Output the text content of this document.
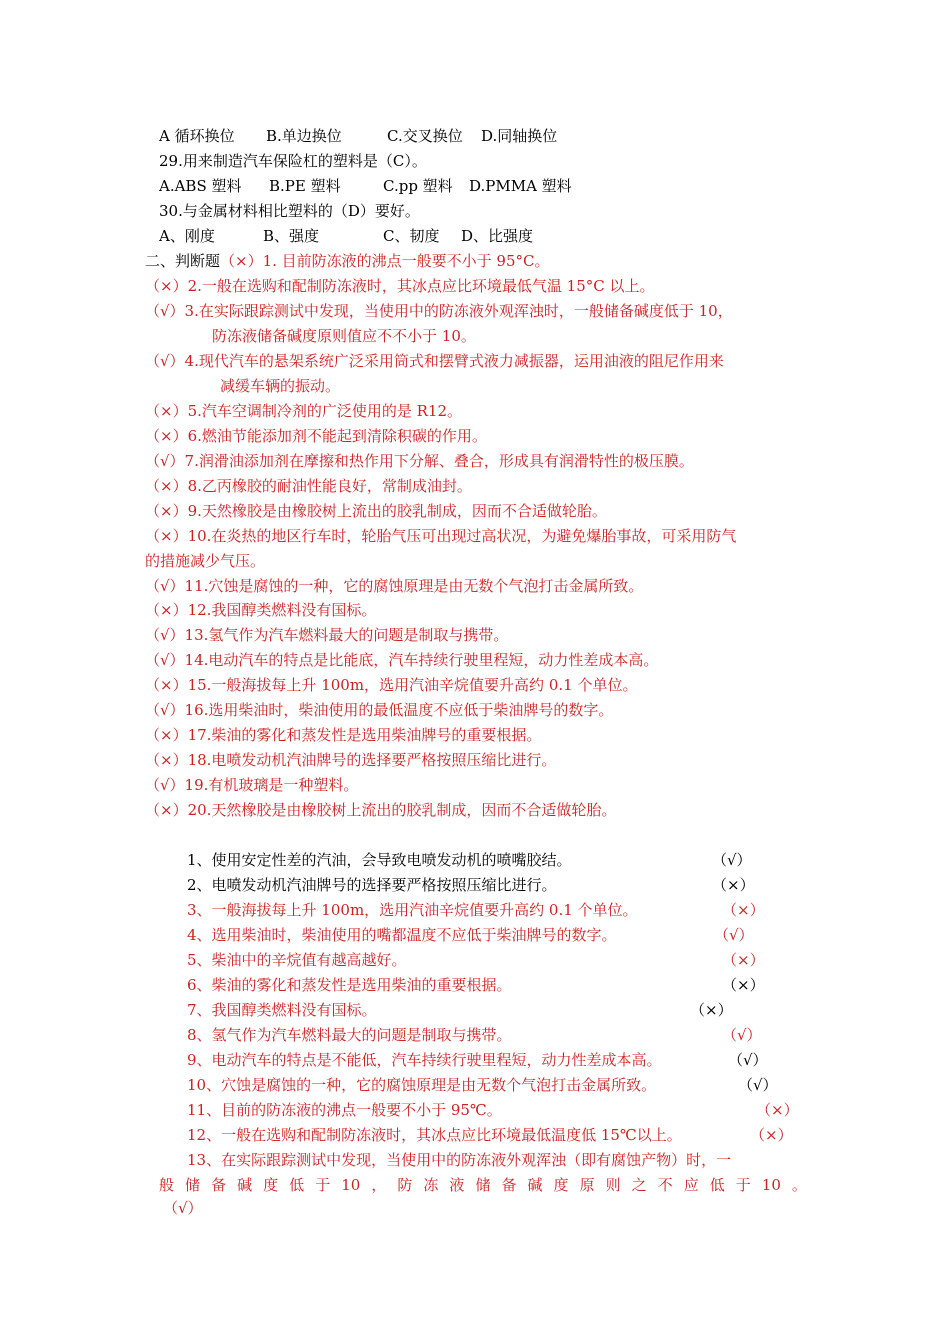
A 循环换位 B.单边换位	C.交叉换位 D.同轴换位
29.用来制造汽车保险杠的塑料是（C）。
A.ABS 塑料 B.PE 塑料	C.pp 塑料 D.PMMA 塑料
30.与金属材料相比塑料的（D）要好。
A、刚度	B、强度	C、韧度 D、比强度
二、判断题（×）1. 目前防冻液的沸点一般要不小于 95°C。
（×）2.一般在选购和配制防冻液时，其冰点应比环境最低气温 15°C 以上。
（√）3.在实际跟踪测试中发现，当使用中的防冻液外观浑浊时，一般储备碱度低于 10，
防冻液储备碱度原则值应不不小于 10。
（√）4.现代汽车的悬架系统广泛采用筒式和摆臂式液力减振器，运用油液的阻尼作用来
减缓车辆的振动。
（×）5.汽车空调制冷剂的广泛使用的是 R12。
（×）6.燃油节能添加剂不能起到清除积碳的作用。
（√）7.润滑油添加剂在摩擦和热作用下分解、叠合，形成具有润滑特性的极压膜。
（×）8.乙丙橡胶的耐油性能良好，常制成油封。
（×）9.天然橡胶是由橡胶树上流出的胶乳制成，因而不合适做轮胎。
（×）10.在炎热的地区行车时，轮胎气压可出现过高状况，为避免爆胎事故，可采用防气
的措施减少气压。
（√）11.穴蚀是腐蚀的一种，它的腐蚀原理是由无数个气泡打击金属所致。
（×）12.我国醇类燃料没有国标。
（√）13.氢气作为汽车燃料最大的问题是制取与携带。
（√）14.电动汽车的特点是比能底，汽车持续行驶里程短，动力性差成本高。
（×）15.一般海拔每上升 100m，选用汽油辛烷值要升高约 0.1 个单位。
（√）16.选用柴油时，柴油使用的最低温度不应低于柴油牌号的数字。
（×）17.柴油的雾化和蒸发性是选用柴油牌号的重要根据。
（×）18.电喷发动机汽油牌号的选择要严格按照压缩比进行。
（√）19.有机玻璃是一种塑料。
（×）20.天然橡胶是由橡胶树上流出的胶乳制成，因而不合适做轮胎。
1、使用安定性差的汽油，会导致电喷发动机的喷嘴胶结。	（√）
2、电喷发动机汽油牌号的选择要严格按照压缩比进行。	（×）
3、一般海拔每上升 100m，选用汽油辛烷值要升高约 0.1 个单位。	（×）
4、选用柴油时，柴油使用的嘴都温度不应低于柴油牌号的数字。	（√）
5、柴油中的辛烷值有越高越好。	（×）
6、柴油的雾化和蒸发性是选用柴油的重要根据。	（×）
7、我国醇类燃料没有国标。	（×）
8、氢气作为汽车燃料最大的问题是制取与携带。	（√）
9、电动汽车的特点是不能低，汽车持续行驶里程短，动力性差成本高。	（√）
10、穴蚀是腐蚀的一种，它的腐蚀原理是由无数个气泡打击金属所致。	（√）
11、目前的防冻液的沸点一般要不小于 95℃。	（×）
12、一般在选购和配制防冻液时，其冰点应比环境最低温度低 15℃以上。	（×）
13、在实际跟踪测试中发现，当使用中的防冻液外观浑浊（即有腐蚀产物）时，一
般 储 备 碱 度 低 于 10 ， 防 冻 液 储 备 碱 度 原 则 之 不 应 低 于 10 。
（√）
